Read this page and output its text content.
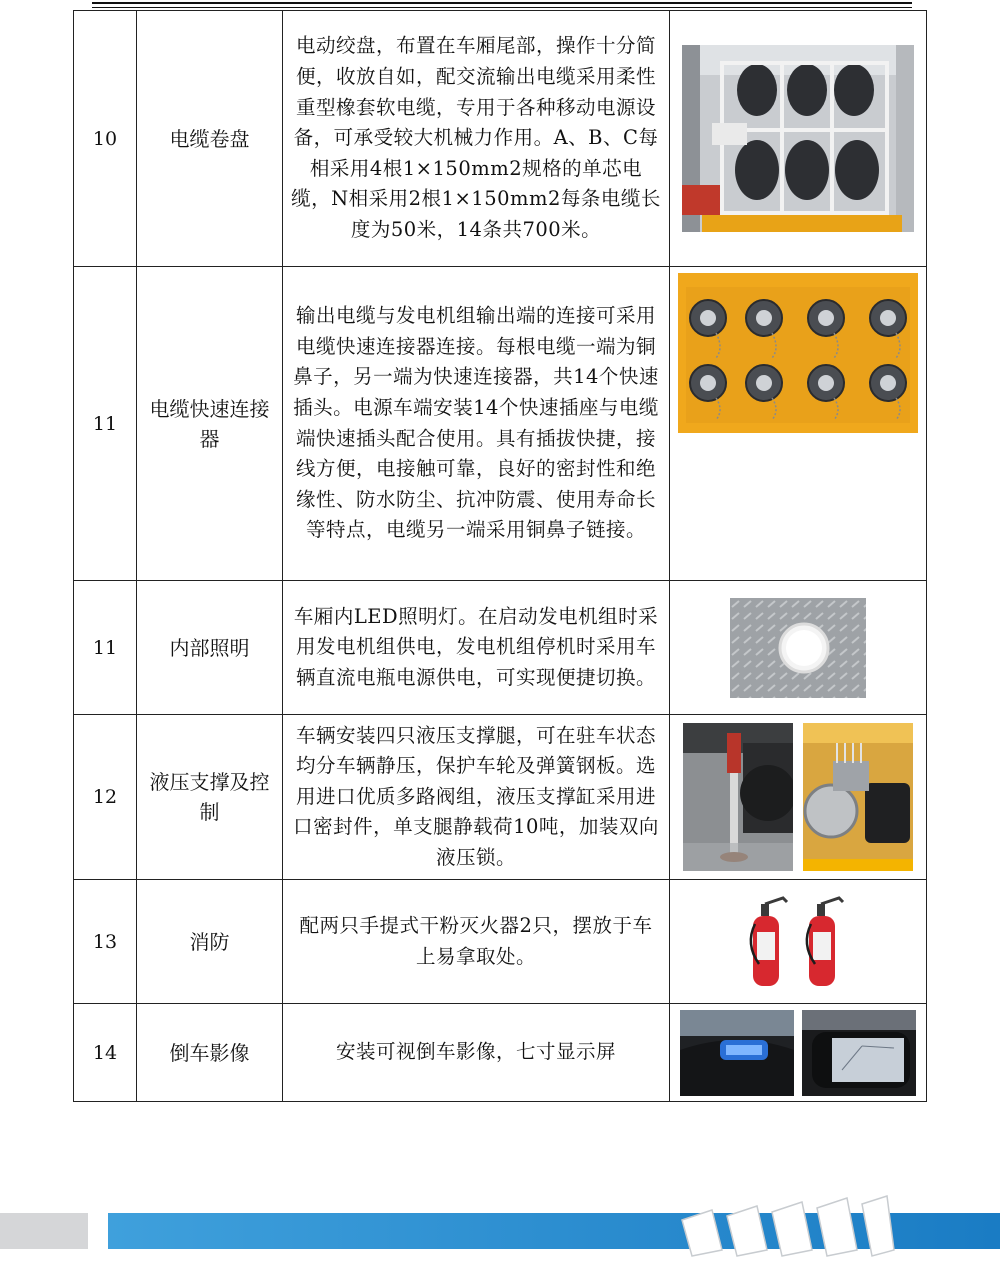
10	电缆卷盘	电动绞盘，布置在车厢尾部，操作十分简便，收放自如，配交流输出电缆采用柔性重型橡套软电缆，专用于各种移动电源设备，可承受较大机械力作用。A、B、C每相采用4根1×150mm2规格的单芯电缆，N相采用2根1×150mm2每条电缆长度为50米，14条共700米。	

11	电缆快速连接器	输出电缆与发电机组输出端的连接可采用电缆快速连接器连接。每根电缆一端为铜鼻子，另一端为快速连接器，共14个快速插头。电源车端安装14个快速插座与电缆端快速插头配合使用。具有插拔快捷，接线方便，电接触可靠，良好的密封性和绝缘性、防水防尘、抗冲防震、使用寿命长等特点，电缆另一端采用铜鼻子链接。	

11	内部照明	车厢内LED照明灯。在启动发电机组时采用发电机组供电，发电机组停机时采用车辆直流电瓶电源供电，可实现便捷切换。	

12	液压支撑及控制	车辆安装四只液压支撑腿，可在驻车状态均分车辆静压，保护车轮及弹簧钢板。选用进口优质多路阀组，液压支撑缸采用进口密封件，单支腿静载荷10吨，加装双向液压锁。	

13	消防	配两只手提式干粉灭火器2只，摆放于车上易拿取处。	

14	倒车影像	安装可视倒车影像，七寸显示屏	
